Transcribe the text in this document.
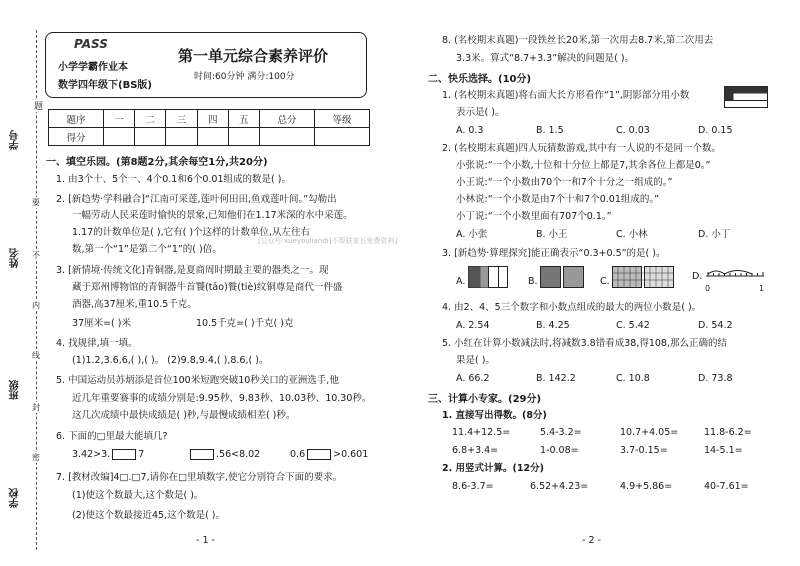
学号
姓名
班级
学校
要
不
内
线
封
密
PASS
小学学霸作业本
数学四年级下(BS版)
第一单元综合素养评价
时间:60分钟 满分:100分
题
题序	一	二	三	四	五	总分	等级
得分							
一、填空乐园。(第8题2分,其余每空1分,共20分)
1. 由3个十、5个一、4个0.1和6个0.01组成的数是( )。
2. [新趋势·学科融合]“江南可采莲,莲叶何田田,鱼戏莲叶间。”勾勒出
一幅劳动人民采莲时愉快的景象,已知他们在1.17米深的水中采莲。
1.17的计数单位是( ),它有( )个这样的计数单位,从左往右
数,第一个“1”是第二个“1”的( )倍。
3. [新情境·传统文化]青铜器,是夏商周时期最主要的器类之一。现
藏于郑州博物馆的青铜器牛首饕(tāo)餮(tiè)纹铜尊是商代一件盛
酒器,高37厘米,重10.5千克。
37厘米=( )米	10.5千克=( )千克( )克
4. 找规律,填一填。
(1)1.2,3.6,6,( ),( )。 (2)9.8,9.4,( ),8.6,( )。
5. 中国运动员苏炳添是首位100米短跑突破10秒关口的亚洲选手,他
近几年重要赛事的成绩分别是:9.95秒、9.83秒、10.03秒、10.30秒。
这几次成绩中最快成绩是( )秒,与最慢成绩相差( )秒。
6. 下面的□里最大能填几?
3.42>3.	7	.56<8.02	0.6	>0.601
7. [教材改编]4□.□7,请你在□里填数字,使它分别符合下面的要求。
(1)使这个数最大,这个数是( )。
(2)使这个数最接近45,这个数是( )。
- 1 -
[公众号 xueyouliandi]不帮联家长免费资料]
8. (名校期末真题)一段铁丝长20米,第一次用去8.7米,第二次用去
3.3米。算式“8.7+3.3”解决的问题是( )。
二、快乐选择。(10分)
1. (名校期末真题)将右面大长方形看作“1”,阴影部分用小数
表示是( )。
A. 0.3	B. 1.5	C. 0.03	D. 0.15
2. (名校期末真题)四人玩猜数游戏,其中有一人说的不是同一个数。
小张说:“一个小数,十位和十分位上都是7,其余各位上都是0。”
小王说:“一个小数由70个一和7个十分之一组成的。”
小林说:“一个小数是由7个十和7个0.01组成的。”
小丁说:“一个小数里面有707个0.1。”
A. 小张	B. 小王	C. 小林	D. 小丁
3. [新趋势·算理探究]能正确表示“0.3+0.5”的是( )。
A.	B.	C.	D.
0	1
4. 由2、4、5三个数字和小数点组成的最大的两位小数是( )。
A. 2.54	B. 4.25	C. 5.42	D. 54.2
5. 小红在计算小数减法时,将减数3.8错看成38,得108,那么正确的结
果是( )。
A. 66.2	B. 142.2	C. 10.8	D. 73.8
三、计算小专家。(29分)
1. 直接写出得数。(8分)
11.4+12.5=	5.4-3.2=	10.7+4.05=	11.8-6.2=
6.8+3.4=	1-0.08=	3.7-0.15=	14-5.1=
2. 用竖式计算。(12分)
8.6-3.7=	6.52+4.23=	4.9+5.86=	40-7.61=
- 2 -
